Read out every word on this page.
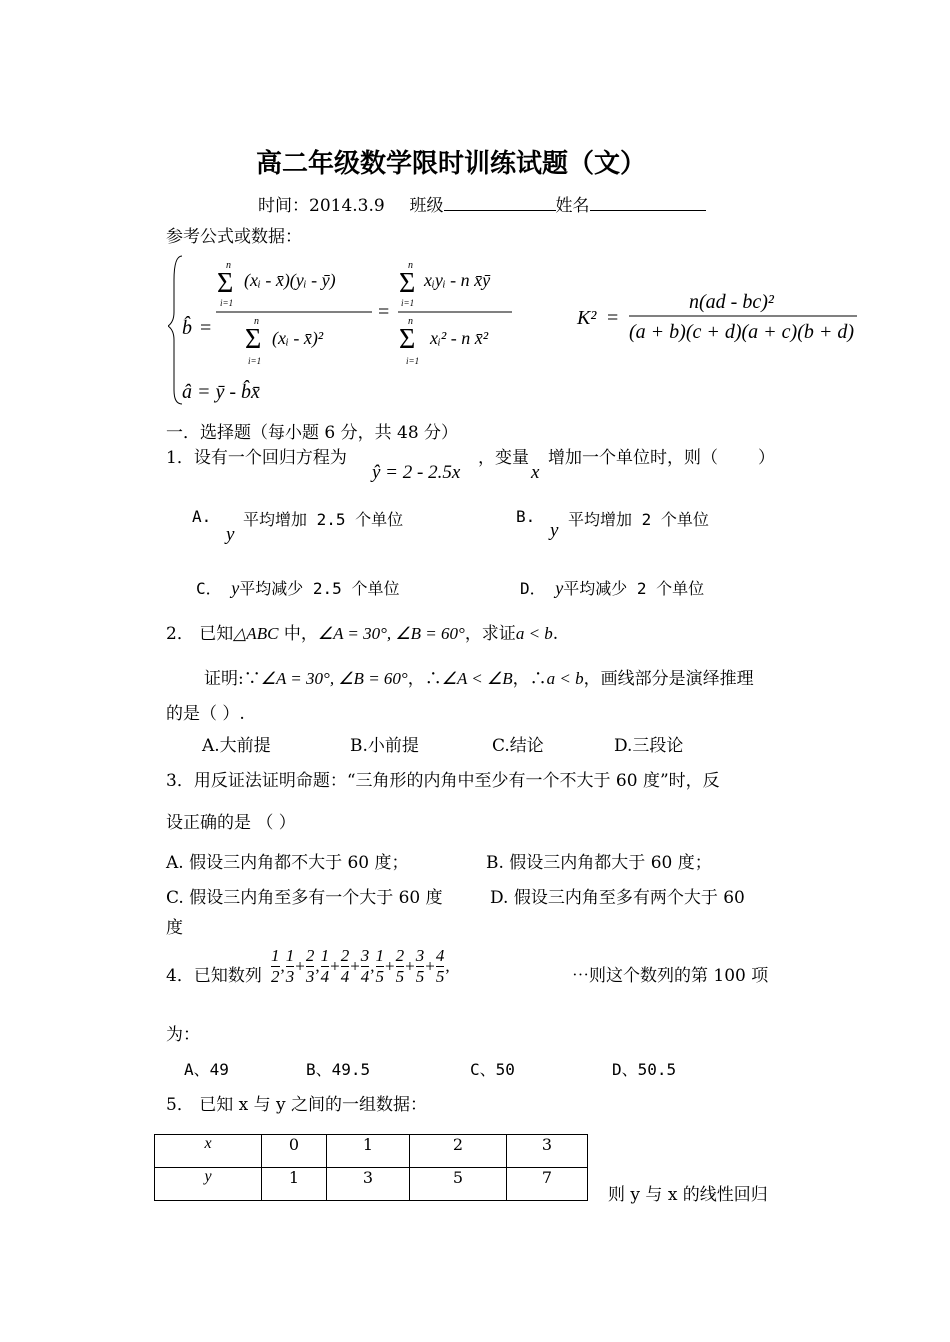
高二年级数学限时训练试题（文）
时间：2014.3.9 班级	姓名
参考公式或数据：
b̂ =
n
Σ
i=1
(xᵢ - x̄)(yᵢ - ȳ)
n
Σ
i=1
(xᵢ - x̄)²
=
n
Σ
i=1
xᵢyᵢ - n x̄ȳ
n
Σ
i=1
xᵢ² - n x̄²
â = ȳ - b̂x̄
K² =
n(ad - bc)²
(a + b)(c + d)(a + c)(b + d)
一．选择题（每小题 6 分，共 48 分）
1．设有一个回归方程为
ŷ = 2 - 2.5x
，变量
x
增加一个单位时，则（ ）
A.
y
平均增加 2.5 个单位	B.
y
平均增加 2 个单位
C． y平均减少 2.5 个单位	D． y平均减少 2 个单位
2． 已知△ABC 中，∠A = 30°, ∠B = 60°，求证a < b.
证明:∵∠A = 30°, ∠B = 60°，∴∠A < ∠B，∴a < b，画线部分是演绎推理
的是（ ）.
A.大前提	B.小前提	C.结论	D.三段论
3．用反证法证明命题：“三角形的内角中至少有一个不大于 60 度”时，反
设正确的是 （ ）
A. 假设三内角都不大于 60 度；	B. 假设三内角都大于 60 度；
C. 假设三内角至多有一个大于 60 度	D. 假设三内角至多有两个大于 60
度
4．已知数列 $\frac{1}{2}$ , $\frac{1}{3} + \frac{2}{3}$ , $\frac{1}{4} + \frac{2}{4} + \frac{3}{4}$ , $\frac{1}{5} + \frac{2}{5} + \frac{3}{5} + \frac{4}{5}$ ,	⋯则这个数列的第 100 项
为：
A、49	B、49.5	C、50	D、50.5
5． 已知 x 与 y 之间的一组数据：
x	0	1	2	3
y	1	3	5	7
则 y 与 x 的线性回归
